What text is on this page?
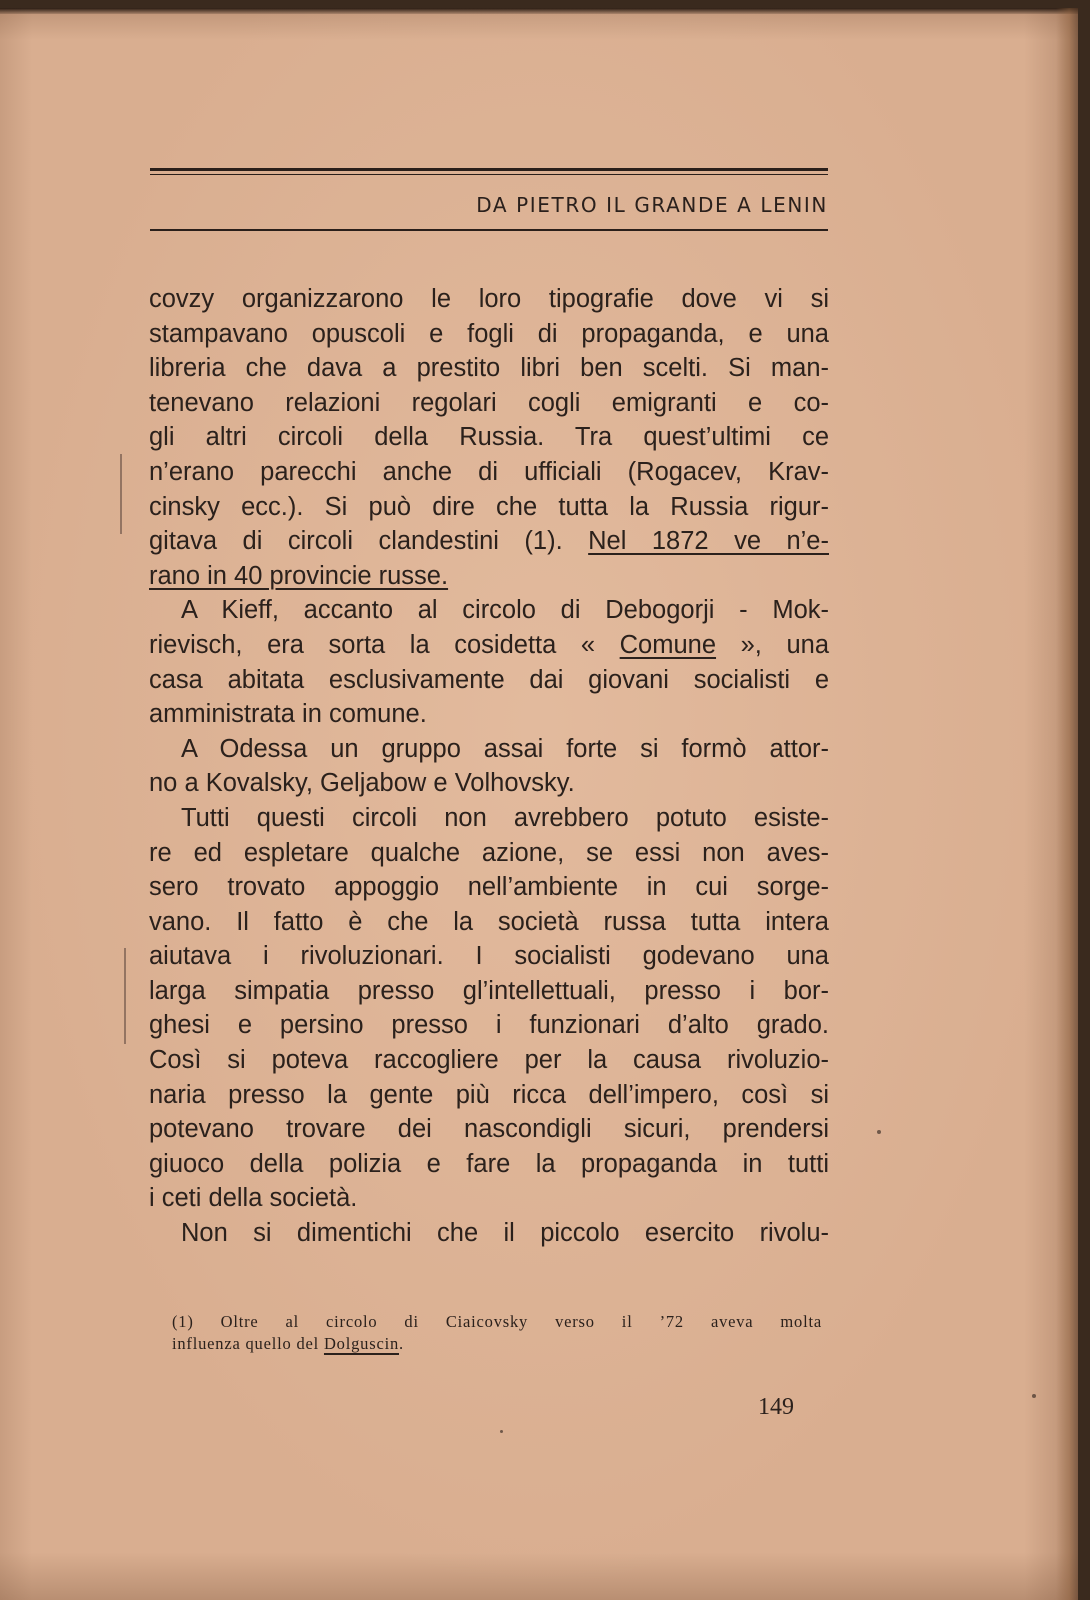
DA PIETRO IL GRANDE A LENIN
covzy organizzarono le loro tipografie dove vi si
stampavano opuscoli e fogli di propaganda, e una
libreria che dava a prestito libri ben scelti. Si man-
tenevano relazioni regolari cogli emigranti e co-
gli altri circoli della Russia. Tra quest’ultimi ce
n’erano parecchi anche di ufficiali (Rogacev, Krav-
cinsky ecc.). Si può dire che tutta la Russia rigur-
gitava di circoli clandestini (1). Nel 1872 ve n’e-
rano in 40 provincie russe.
A Kieff, accanto al circolo di Debogorji - Mok-
rievisch, era sorta la cosidetta « Comune », una
casa abitata esclusivamente dai giovani socialisti e
amministrata in comune.
A Odessa un gruppo assai forte si formò attor-
no a Kovalsky, Geljabow e Volhovsky.
Tutti questi circoli non avrebbero potuto esiste-
re ed espletare qualche azione, se essi non aves-
sero trovato appoggio nell’ambiente in cui sorge-
vano. Il fatto è che la società russa tutta intera
aiutava i rivoluzionari. I socialisti godevano una
larga simpatia presso gl’intellettuali, presso i bor-
ghesi e persino presso i funzionari d’alto grado.
Così si poteva raccogliere per la causa rivoluzio-
naria presso la gente più ricca dell’impero, così si
potevano trovare dei nascondigli sicuri, prendersi
giuoco della polizia e fare la propaganda in tutti
i ceti della società.
Non si dimentichi che il piccolo esercito rivolu-
(1) Oltre al circolo di Ciaicovsky verso il ’72 aveva molta
influenza quello del Dolguscin.
149
